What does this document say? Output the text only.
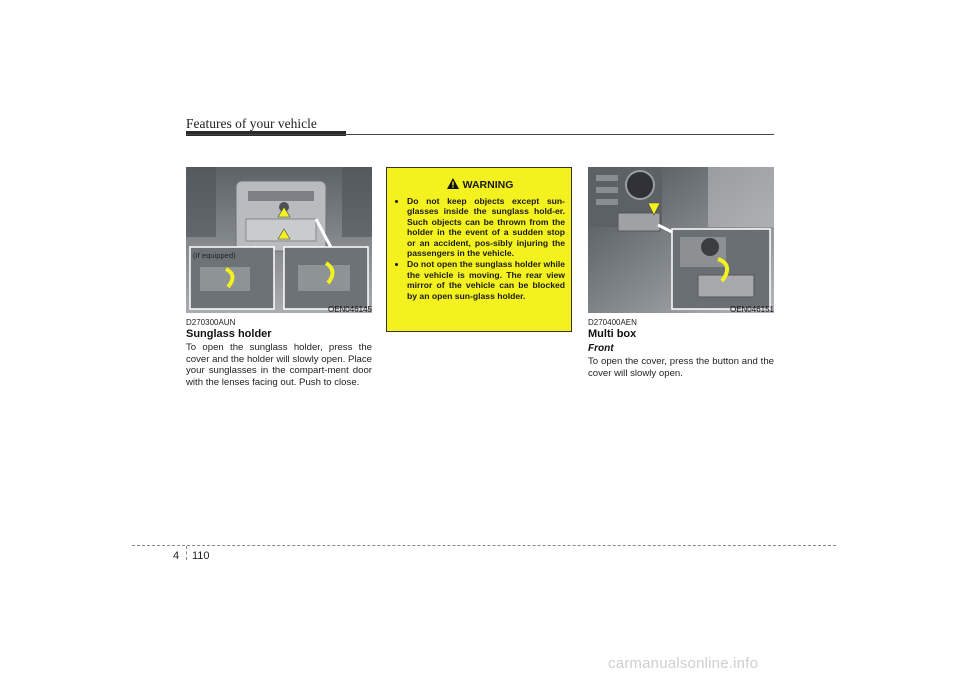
Features of your vehicle
(If equipped)
OEN046145
D270300AUN
Sunglass holder
To open the sunglass holder, press the cover and the holder will slowly open. Place your sunglasses in the compart-ment door with the lenses facing out. Push to close.
WARNING
• Do not keep objects except sun-glasses inside the sunglass hold-er. Such objects can be thrown from the holder in the event of a sudden stop or an accident, pos-sibly injuring the passengers in the vehicle.
• Do not open the sunglass holder while the vehicle is moving. The rear view mirror of the vehicle can be blocked by an open sun-glass holder.
OEN046151
D270400AEN
Multi box
Front
To open the cover, press the button and the cover will slowly open.
4 110
carmanualsonline.info
